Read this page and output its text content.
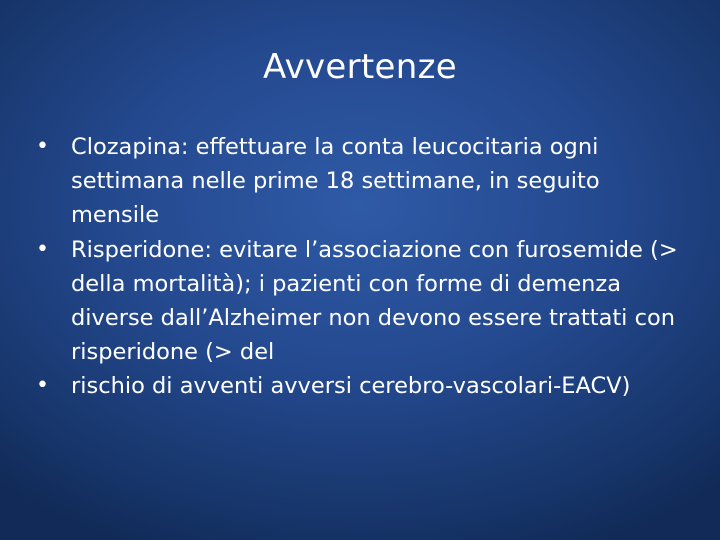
Avvertenze
• Clozapina: effettuare la conta leucocitaria ogni settimana nelle prime 18 settimane, in seguito mensile
• Risperidone: evitare l’associazione con furosemide (> della mortalità); i pazienti con forme di demenza diverse dall’Alzheimer non devono essere trattati con risperidone (> del
• rischio di avventi avversi cerebro-vascolari-EACV)
